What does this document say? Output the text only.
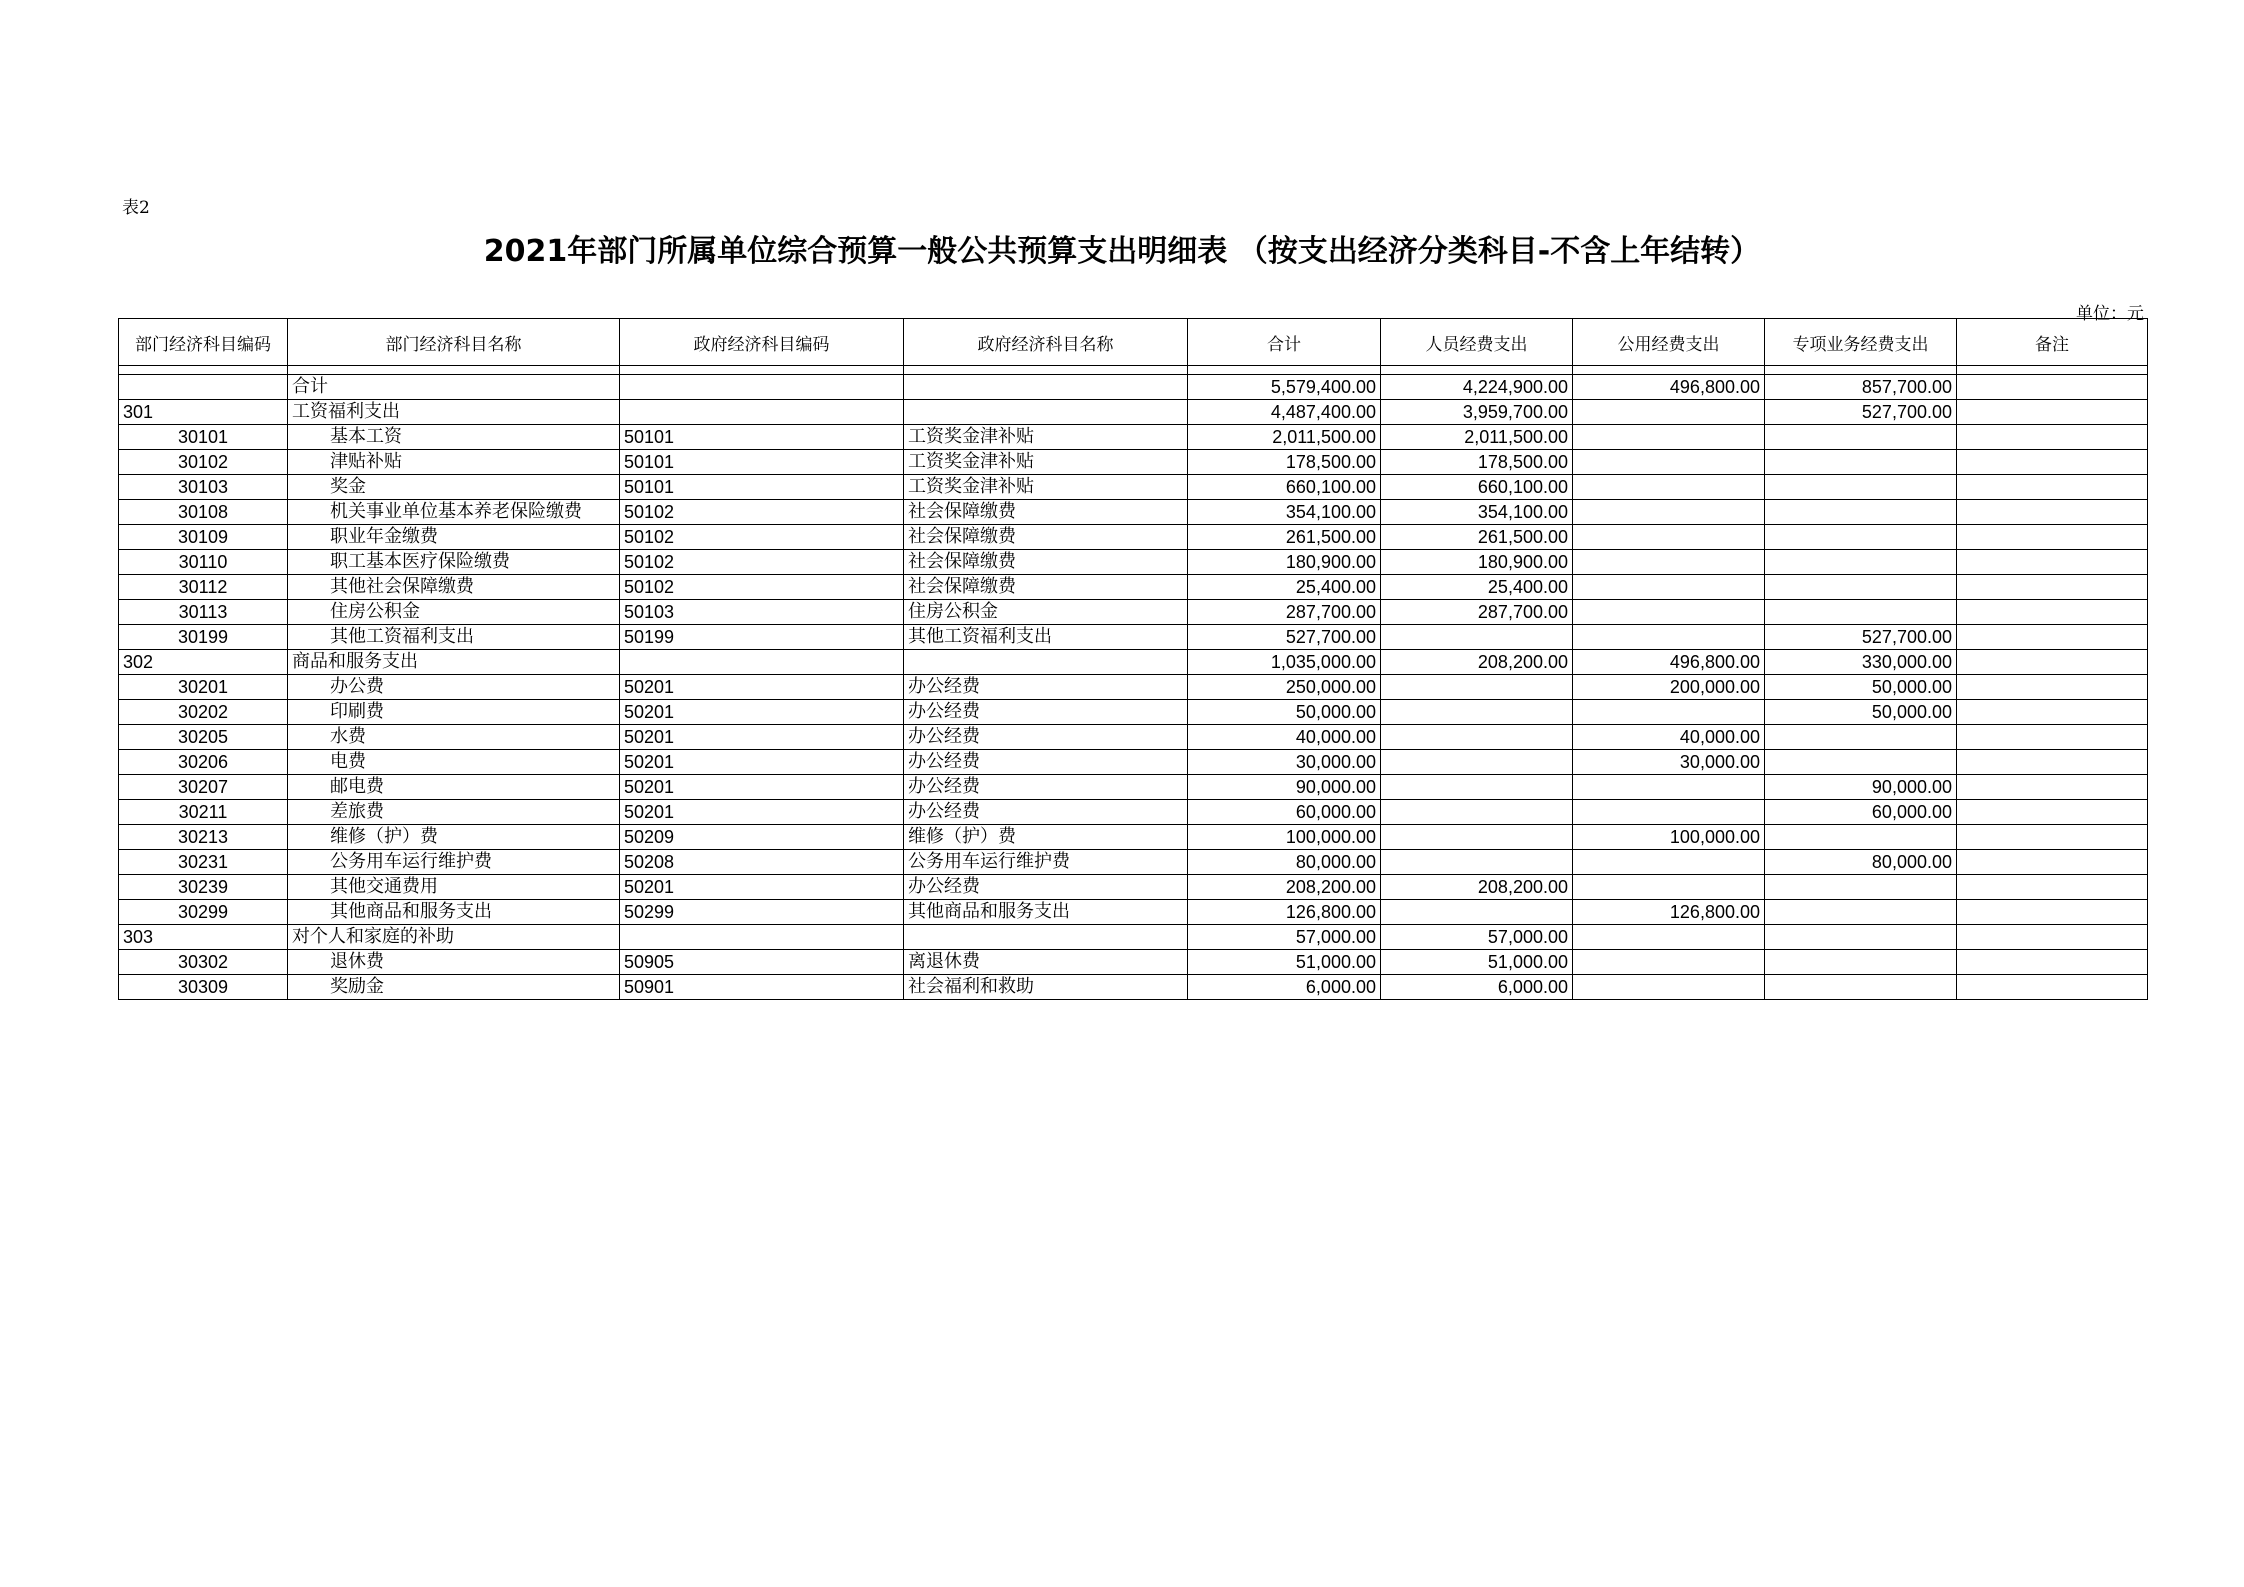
表2
2021年部门所属单位综合预算一般公共预算支出明细表 （按支出经济分类科目-不含上年结转）
单位：元
部门经济科目编码	部门经济科目名称	政府经济科目编码	政府经济科目名称	合计	人员经费支出	公用经费支出	专项业务经费支出	备注

	合计			5,579,400.00	4,224,900.00	496,800.00	857,700.00	
301	工资福利支出			4,487,400.00	3,959,700.00		527,700.00	
30101	基本工资	50101	工资奖金津补贴	2,011,500.00	2,011,500.00			
30102	津贴补贴	50101	工资奖金津补贴	178,500.00	178,500.00			
30103	奖金	50101	工资奖金津补贴	660,100.00	660,100.00			
30108	机关事业单位基本养老保险缴费	50102	社会保障缴费	354,100.00	354,100.00			
30109	职业年金缴费	50102	社会保障缴费	261,500.00	261,500.00			
30110	职工基本医疗保险缴费	50102	社会保障缴费	180,900.00	180,900.00			
30112	其他社会保障缴费	50102	社会保障缴费	25,400.00	25,400.00			
30113	住房公积金	50103	住房公积金	287,700.00	287,700.00			
30199	其他工资福利支出	50199	其他工资福利支出	527,700.00			527,700.00	
302	商品和服务支出			1,035,000.00	208,200.00	496,800.00	330,000.00	
30201	办公费	50201	办公经费	250,000.00		200,000.00	50,000.00	
30202	印刷费	50201	办公经费	50,000.00			50,000.00	
30205	水费	50201	办公经费	40,000.00		40,000.00		
30206	电费	50201	办公经费	30,000.00		30,000.00		
30207	邮电费	50201	办公经费	90,000.00			90,000.00	
30211	差旅费	50201	办公经费	60,000.00			60,000.00	
30213	维修（护）费	50209	维修（护）费	100,000.00		100,000.00		
30231	公务用车运行维护费	50208	公务用车运行维护费	80,000.00			80,000.00	
30239	其他交通费用	50201	办公经费	208,200.00	208,200.00			
30299	其他商品和服务支出	50299	其他商品和服务支出	126,800.00		126,800.00		
303	对个人和家庭的补助			57,000.00	57,000.00			
30302	退休费	50905	离退休费	51,000.00	51,000.00			
30309	奖励金	50901	社会福利和救助	6,000.00	6,000.00			
